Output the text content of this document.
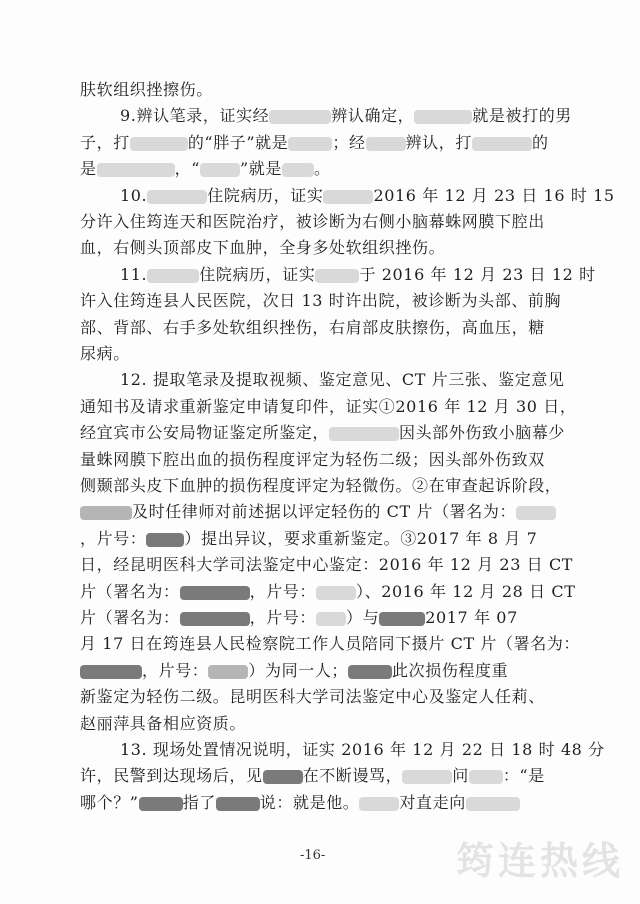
肤软组织挫擦伤。
9.辨认笔录，证实经	辨认确定，	就是被打的男
子，打	的“胖子”就是	；经	辨认，打	的
是	，“	”就是 。
10.	住院病历，证实	2016 年 12 月 23 日 16 时 15
分许入住筠连天和医院治疗，被诊断为右侧小脑幕蛛网膜下腔出
血，右侧头顶部皮下血肿，全身多处软组织挫伤。
11.	住院病历，证实	于 2016 年 12 月 23 日 12 时
许入住筠连县人民医院，次日 13 时许出院，被诊断为头部、前胸
部、背部、右手多处软组织挫伤，右肩部皮肤擦伤，高血压，糖
尿病。
12. 提取笔录及提取视频、鉴定意见、CT 片三张、鉴定意见
通知书及请求重新鉴定申请复印件，证实①2016 年 12 月 30 日，
经宜宾市公安局物证鉴定所鉴定，	因头部外伤致小脑幕少
量蛛网膜下腔出血的损伤程度评定为轻伤二级；因头部外伤致双
侧颞部头皮下血肿的损伤程度评定为轻微伤。②在审查起诉阶段，
及时任律师对前述据以评定轻伤的 CT 片（署名为：
，片号： ）提出异议，要求重新鉴定。③2017 年 8 月 7
日，经昆明医科大学司法鉴定中心鉴定：2016 年 12 月 23 日 CT
片（署名为：	，片号：	）、2016 年 12 月 28 日 CT
片（署名为：	，片号： ）与	2017 年 07
月 17 日在筠连县人民检察院工作人员陪同下摄片 CT 片（署名为：
，片号：	）为同一人；	此次损伤程度重
新鉴定为轻伤二级。昆明医科大学司法鉴定中心及鉴定人任莉、
-16-	筠连热线
赵丽萍具备相应资质。
13. 现场处置情况说明，证实 2016 年 12 月 22 日 18 时 48 分
许，民警到达现场后，见	在不断谩骂，	问 ：“是
哪个？”	指了	说：就是他。	对直走向
